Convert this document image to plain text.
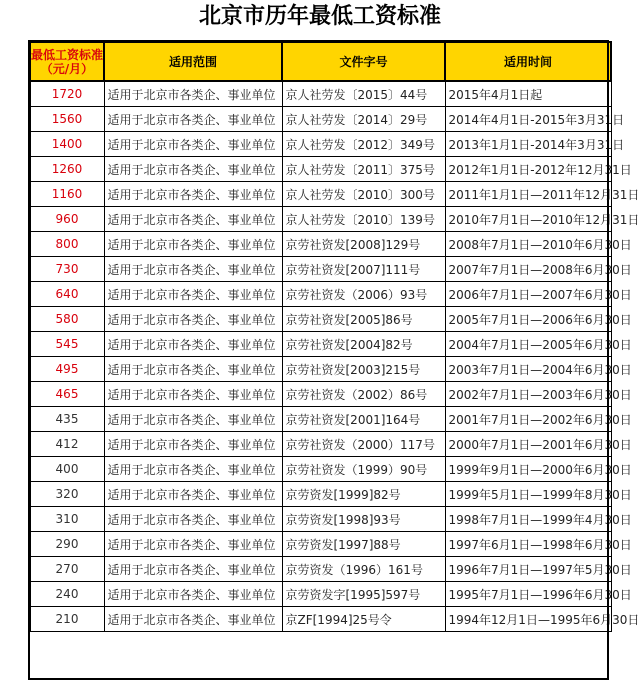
北京市历年最低工资标准
最低工资标准
（元/月）	适用范围	文件字号	适用时间
1720	适用于北京市各类企、事业单位	京人社劳发〔2015〕44号	2015年4月1日起
1560	适用于北京市各类企、事业单位	京人社劳发〔2014〕29号	2014年4月1日-2015年3月31日
1400	适用于北京市各类企、事业单位	京人社劳发〔2012〕349号	2013年1月1日-2014年3月31日
1260	适用于北京市各类企、事业单位	京人社劳发〔2011〕375号	2012年1月1日-2012年12月31日
1160	适用于北京市各类企、事业单位	京人社劳发〔2010〕300号	2011年1月1日—2011年12月31日
960	适用于北京市各类企、事业单位	京人社劳发〔2010〕139号	2010年7月1日—2010年12月31日
800	适用于北京市各类企、事业单位	京劳社资发[2008]129号	2008年7月1日—2010年6月30日
730	适用于北京市各类企、事业单位	京劳社资发[2007]111号	2007年7月1日—2008年6月30日
640	适用于北京市各类企、事业单位	京劳社资发（2006）93号	2006年7月1日—2007年6月30日
580	适用于北京市各类企、事业单位	京劳社资发[2005]86号	2005年7月1日—2006年6月30日
545	适用于北京市各类企、事业单位	京劳社资发[2004]82号	2004年7月1日—2005年6月30日
495	适用于北京市各类企、事业单位	京劳社资发[2003]215号	2003年7月1日—2004年6月30日
465	适用于北京市各类企、事业单位	京劳社资发（2002）86号	2002年7月1日—2003年6月30日
435	适用于北京市各类企、事业单位	京劳社资发[2001]164号	2001年7月1日—2002年6月30日
412	适用于北京市各类企、事业单位	京劳社资发（2000）117号	2000年7月1日—2001年6月30日
400	适用于北京市各类企、事业单位	京劳社资发（1999）90号	1999年9月1日—2000年6月30日
320	适用于北京市各类企、事业单位	京劳资发[1999]82号	1999年5月1日—1999年8月30日
310	适用于北京市各类企、事业单位	京劳资发[1998]93号	1998年7月1日—1999年4月30日
290	适用于北京市各类企、事业单位	京劳资发[1997]88号	1997年6月1日—1998年6月30日
270	适用于北京市各类企、事业单位	京劳资发（1996）161号	1996年7月1日—1997年5月30日
240	适用于北京市各类企、事业单位	京劳资发字[1995]597号	1995年7月1日—1996年6月30日
210	适用于北京市各类企、事业单位	京ZF[1994]25号令	1994年12月1日—1995年6月30日
